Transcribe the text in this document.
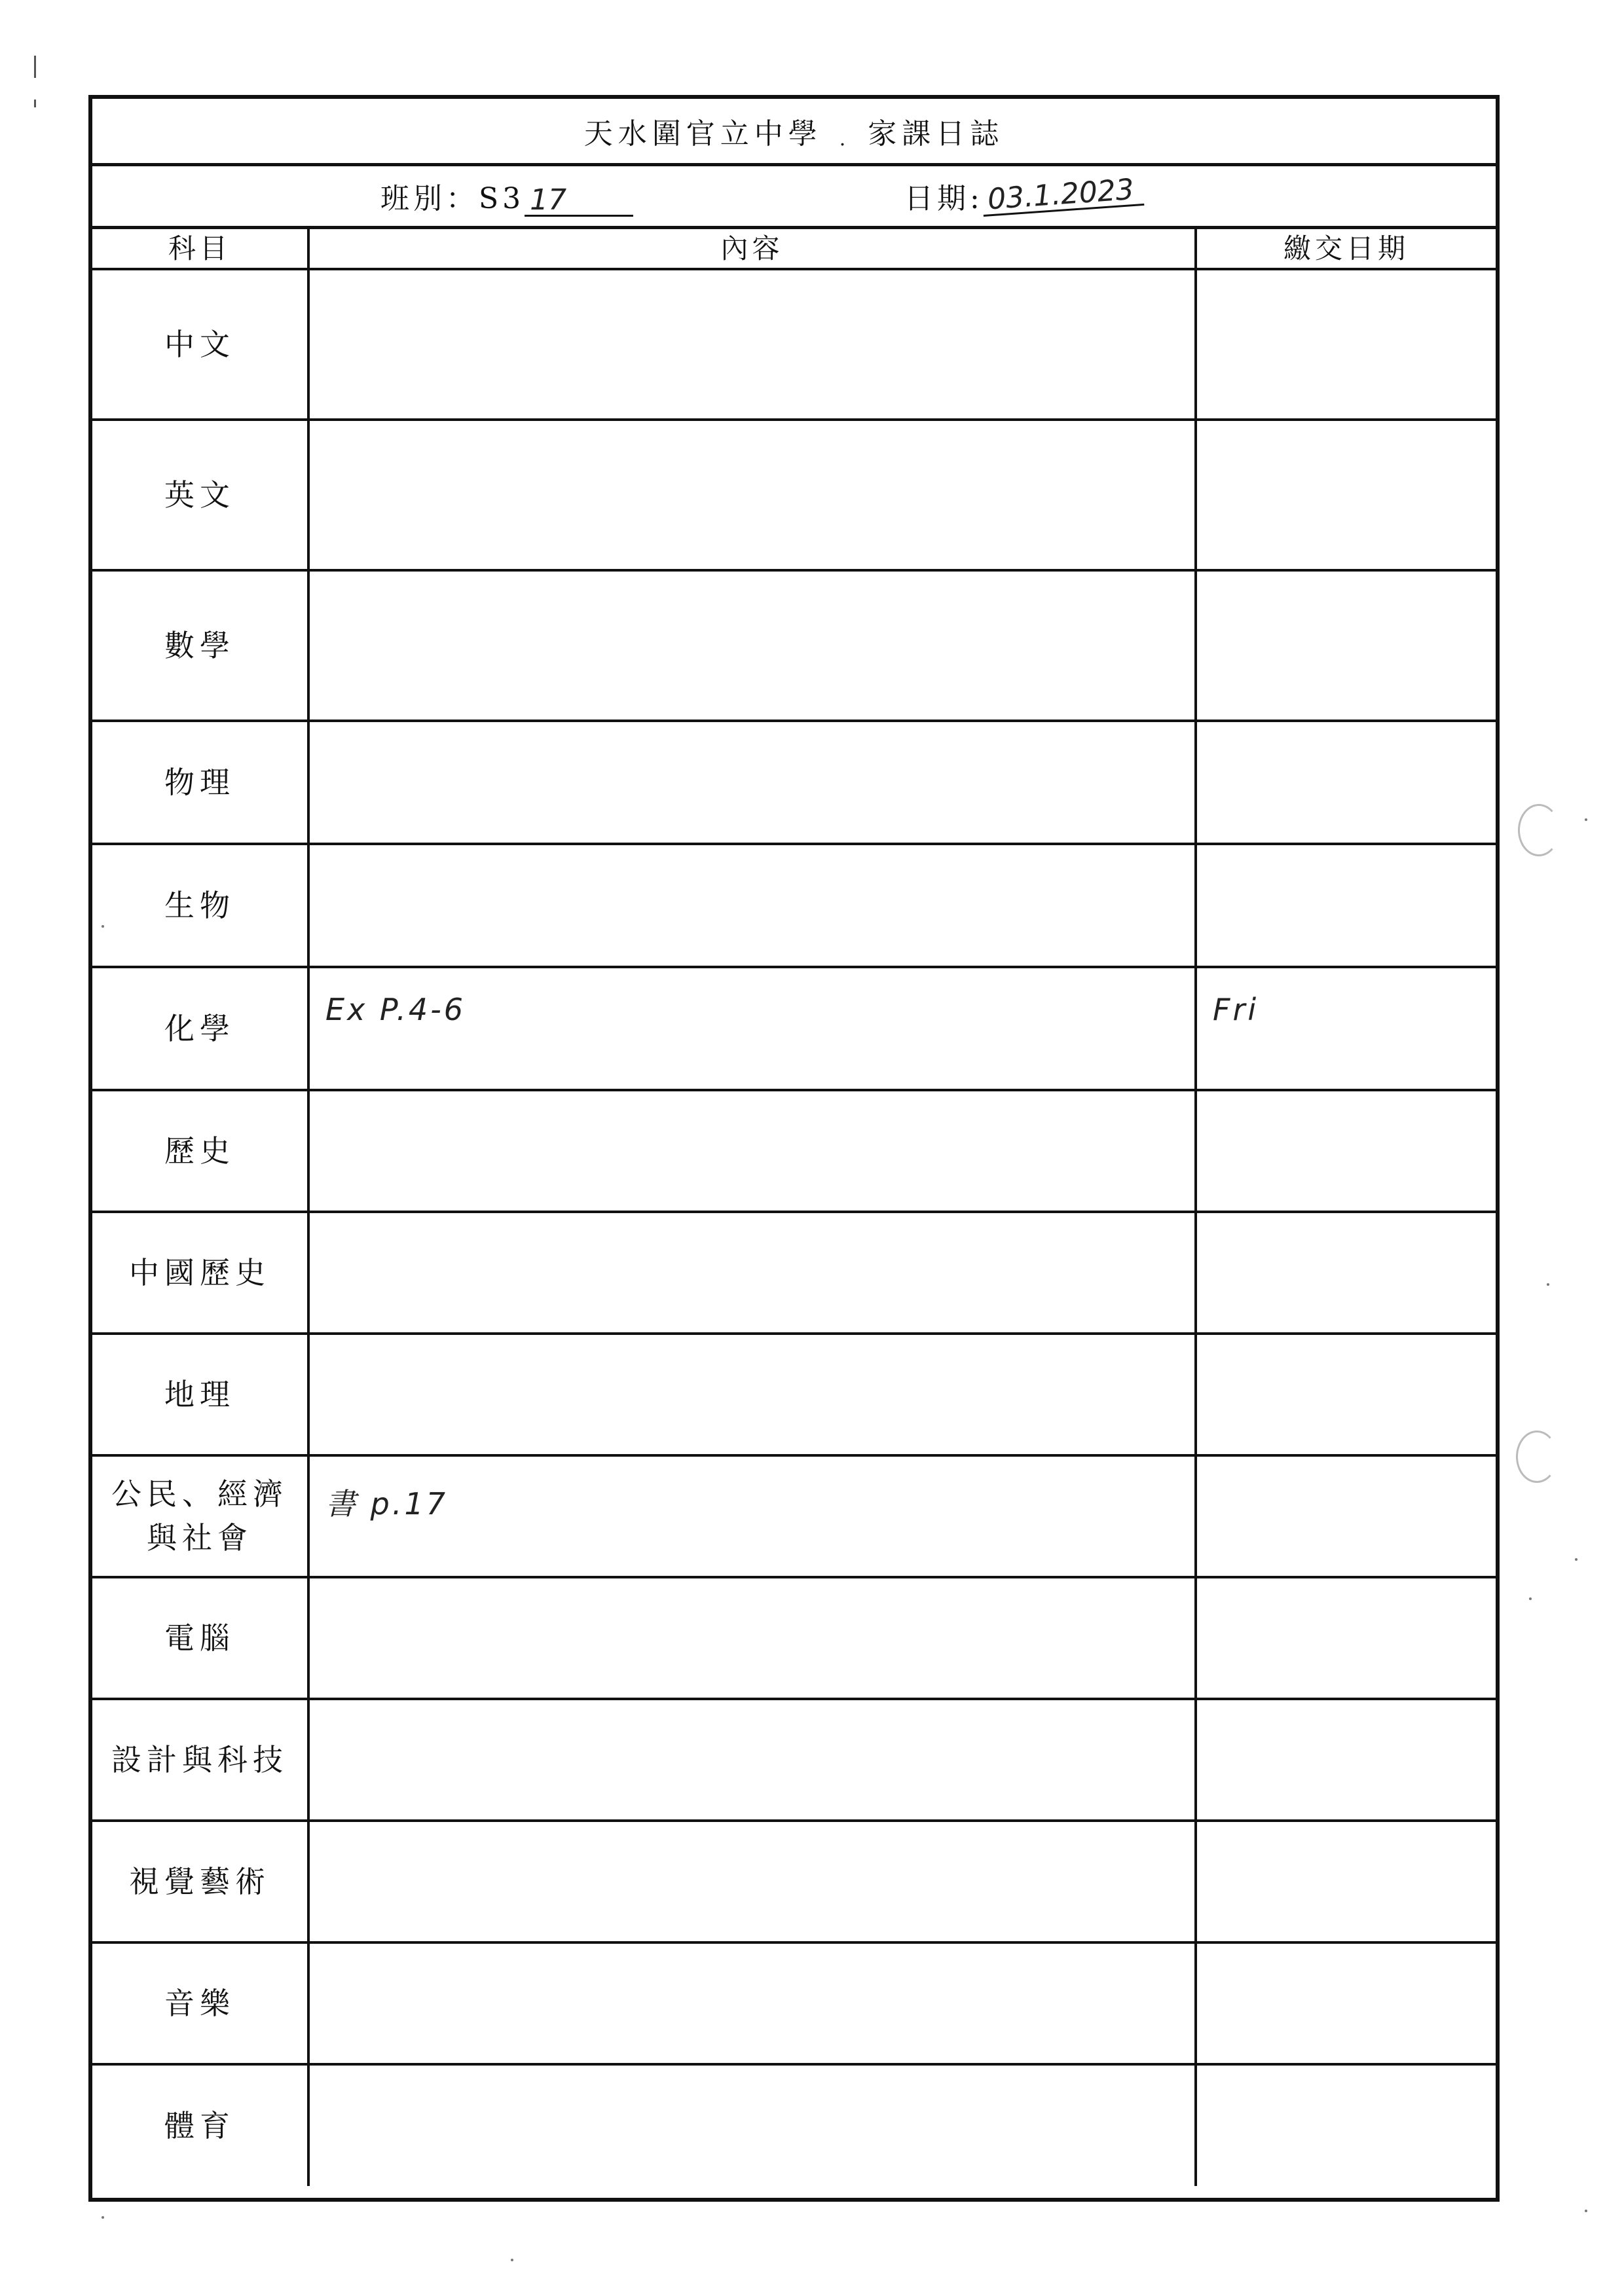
天水圍官立中學 . 家課日誌
班別：S3 17	日期: 03.1.2023
科目	內容	繳交日期
中文	

英文	

數學	

物理	

生物	

化學	Ex P.4-6	Fri

歷史	

中國歷史	

地理	

公民、經濟
與社會	書 p.17	

電腦	

設計與科技	

視覺藝術	

音樂	

體育	
